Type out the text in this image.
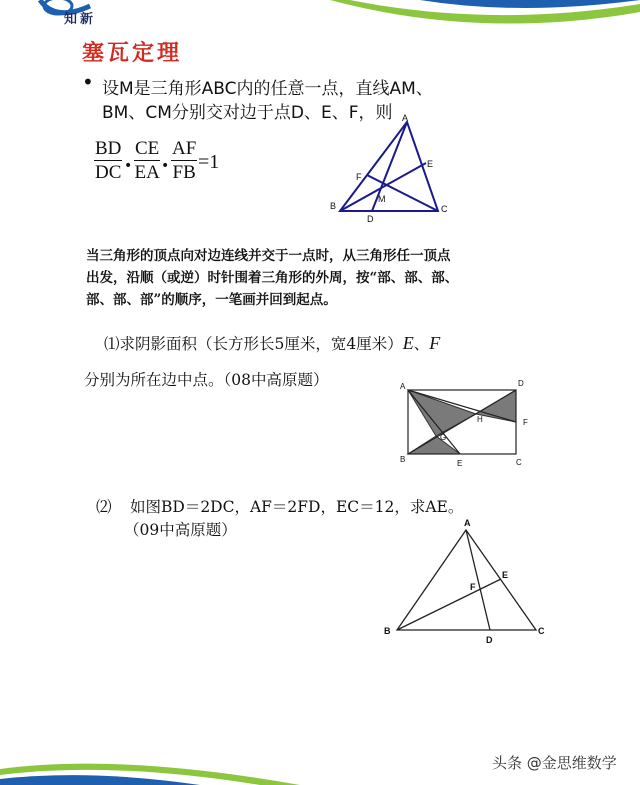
知新
塞瓦定理
• 设M是三角形ABC内的任意一点，直线AM、
BM、CM分别交对边于点D、E、F，则
$\frac{BD}{DC}$ • $\frac{CE}{EA}$ • $\frac{AF}{FB} =1$
A
B	C
D
E
F
M
当三角形的顶点向对边连线并交于一点时，从三角形任一顶点
出发，沿顺（或逆）时针围着三角形的外周，按“部、部、部、
部、部、部”的顺序，一笔画并回到起点。
⑴求阴影面积（长方形长5厘米，宽4厘米）E、F
分别为所在边中点。（08中高原题）	A
B	C
D
E
F
G
H
⑵ 如图BD＝2DC，AF＝2FD，EC＝12，求AE。
（09中高原题）	A
B	C
D
E
F
头条 @金思维数学
